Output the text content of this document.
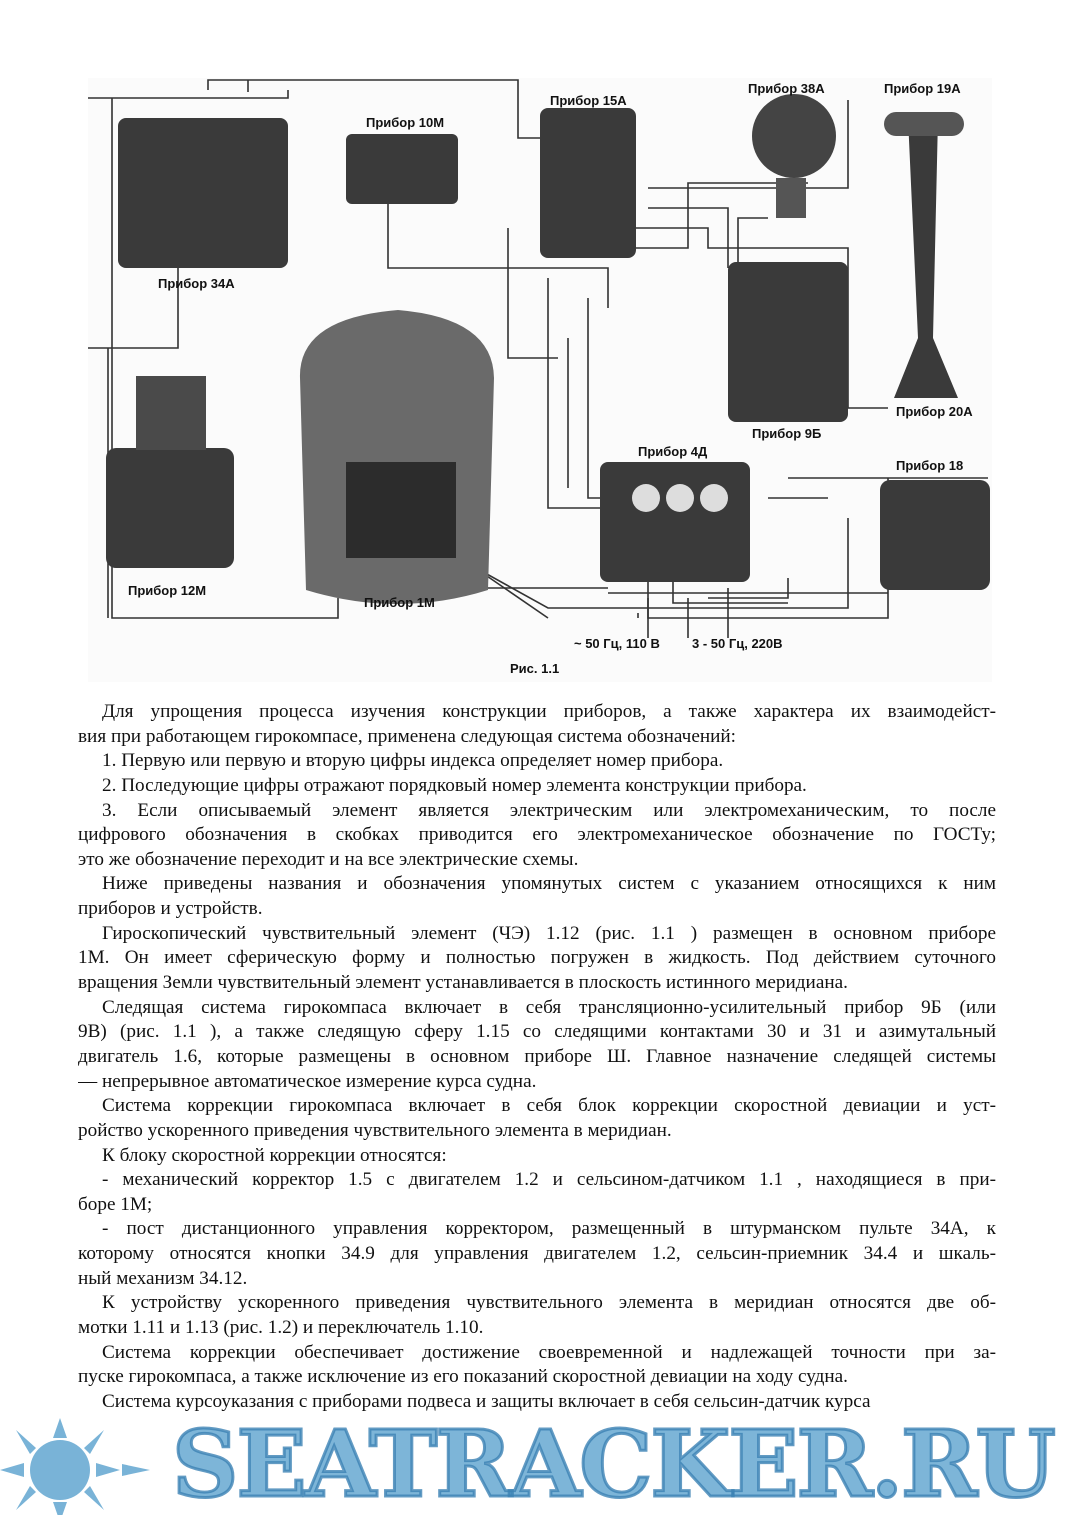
Прибор 34А
Прибор 10М
Прибор 15А
Прибор 38А	Прибор 19А
Прибор 20А
Прибор 9Б
Прибор 4Д
Прибор 18
Прибор 12М
Прибор 1М
~ 50 Гц, 110 В 3 - 50 Гц, 220В
Рис. 1.1
Для упрощения процесса изучения конструкции приборов, а также характера их взаимодейст-
вия при работающем гирокомпасе, применена следующая система обозначений:
1. Первую или первую и вторую цифры индекса определяет номер прибора.
2. Последующие цифры отражают порядковый номер элемента конструкции прибора.
3. Если описываемый элемент является электрическим или электромеханическим, то после
цифрового обозначения в скобках приводится его электромеханическое обозначение по ГОСТу;
это же обозначение переходит и на все электрические схемы.
Ниже приведены названия и обозначения упомянутых систем с указанием относящихся к ним
приборов и устройств.
Гироскопический чувствительный элемент (ЧЭ) 1.12 (рис. 1.1 ) размещен в основном приборе
1М. Он имеет сферическую форму и полностью погружен в жидкость. Под действием суточного
вращения Земли чувствительный элемент устанавливается в плоскость истинного меридиана.
Следящая система гирокомпаса включает в себя трансляционно-усилительный прибор 9Б (или
9В) (рис. 1.1 ), а также следящую сферу 1.15 со следящими контактами 30 и 31 и азимутальный
двигатель 1.6, которые размещены в основном приборе Ш. Главное назначение следящей системы
— непрерывное автоматическое измерение курса судна.
Система коррекции гирокомпаса включает в себя блок коррекции скоростной девиации и уст-
ройство ускоренного приведения чувствительного элемента в меридиан.
К блоку скоростной коррекции относятся:
- механический корректор 1.5 с двигателем 1.2 и сельсином-датчиком 1.1 , находящиеся в при-
боре 1М;
- пост дистанционного управления корректором, размещенный в штурманском пульте 34А, к
которому относятся кнопки 34.9 для управления двигателем 1.2, сельсин-приемник 34.4 и шкаль-
ный механизм 34.12.
К устройству ускоренного приведения чувствительного элемента в меридиан относятся две об-
мотки 1.11 и 1.13 (рис. 1.2) и переключатель 1.10.
Система коррекции обеспечивает достижение своевременной и надлежащей точности при за-
пуске гирокомпаса, а также исключение из его показаний скоростной девиации на ходу судна.
Система курсоуказания с приборами подвеса и защиты включает в себя сельсин-датчик курса
SEATRACKER.RU
